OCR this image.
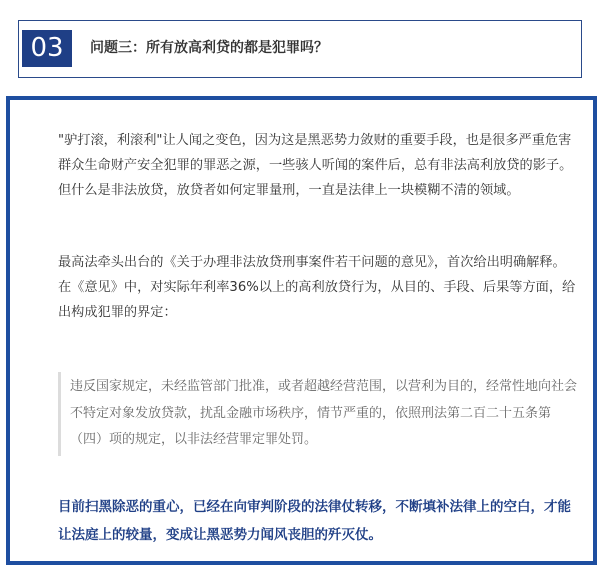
03	问题三：所有放高利贷的都是犯罪吗？
"驴打滚，利滚利"让人闻之变色，因为这是黑恶势力敛财的重要手段，也是很多严重危害群众生命财产安全犯罪的罪恶之源，一些骇人听闻的案件后，总有非法高利放贷的影子。但什么是非法放贷，放贷者如何定罪量刑，一直是法律上一块模糊不清的领域。
最高法牵头出台的《关于办理非法放贷刑事案件若干问题的意见》，首次给出明确解释。在《意见》中，对实际年利率36%以上的高利放贷行为，从目的、手段、后果等方面，给出构成犯罪的界定：
违反国家规定，未经监管部门批准，或者超越经营范围，以营利为目的，经常性地向社会不特定对象发放贷款，扰乱金融市场秩序，情节严重的，依照刑法第二百二十五条第（四）项的规定，以非法经营罪定罪处罚。
目前扫黑除恶的重心，已经在向审判阶段的法律仗转移，不断填补法律上的空白，才能让法庭上的较量，变成让黑恶势力闻风丧胆的歼灭仗。
